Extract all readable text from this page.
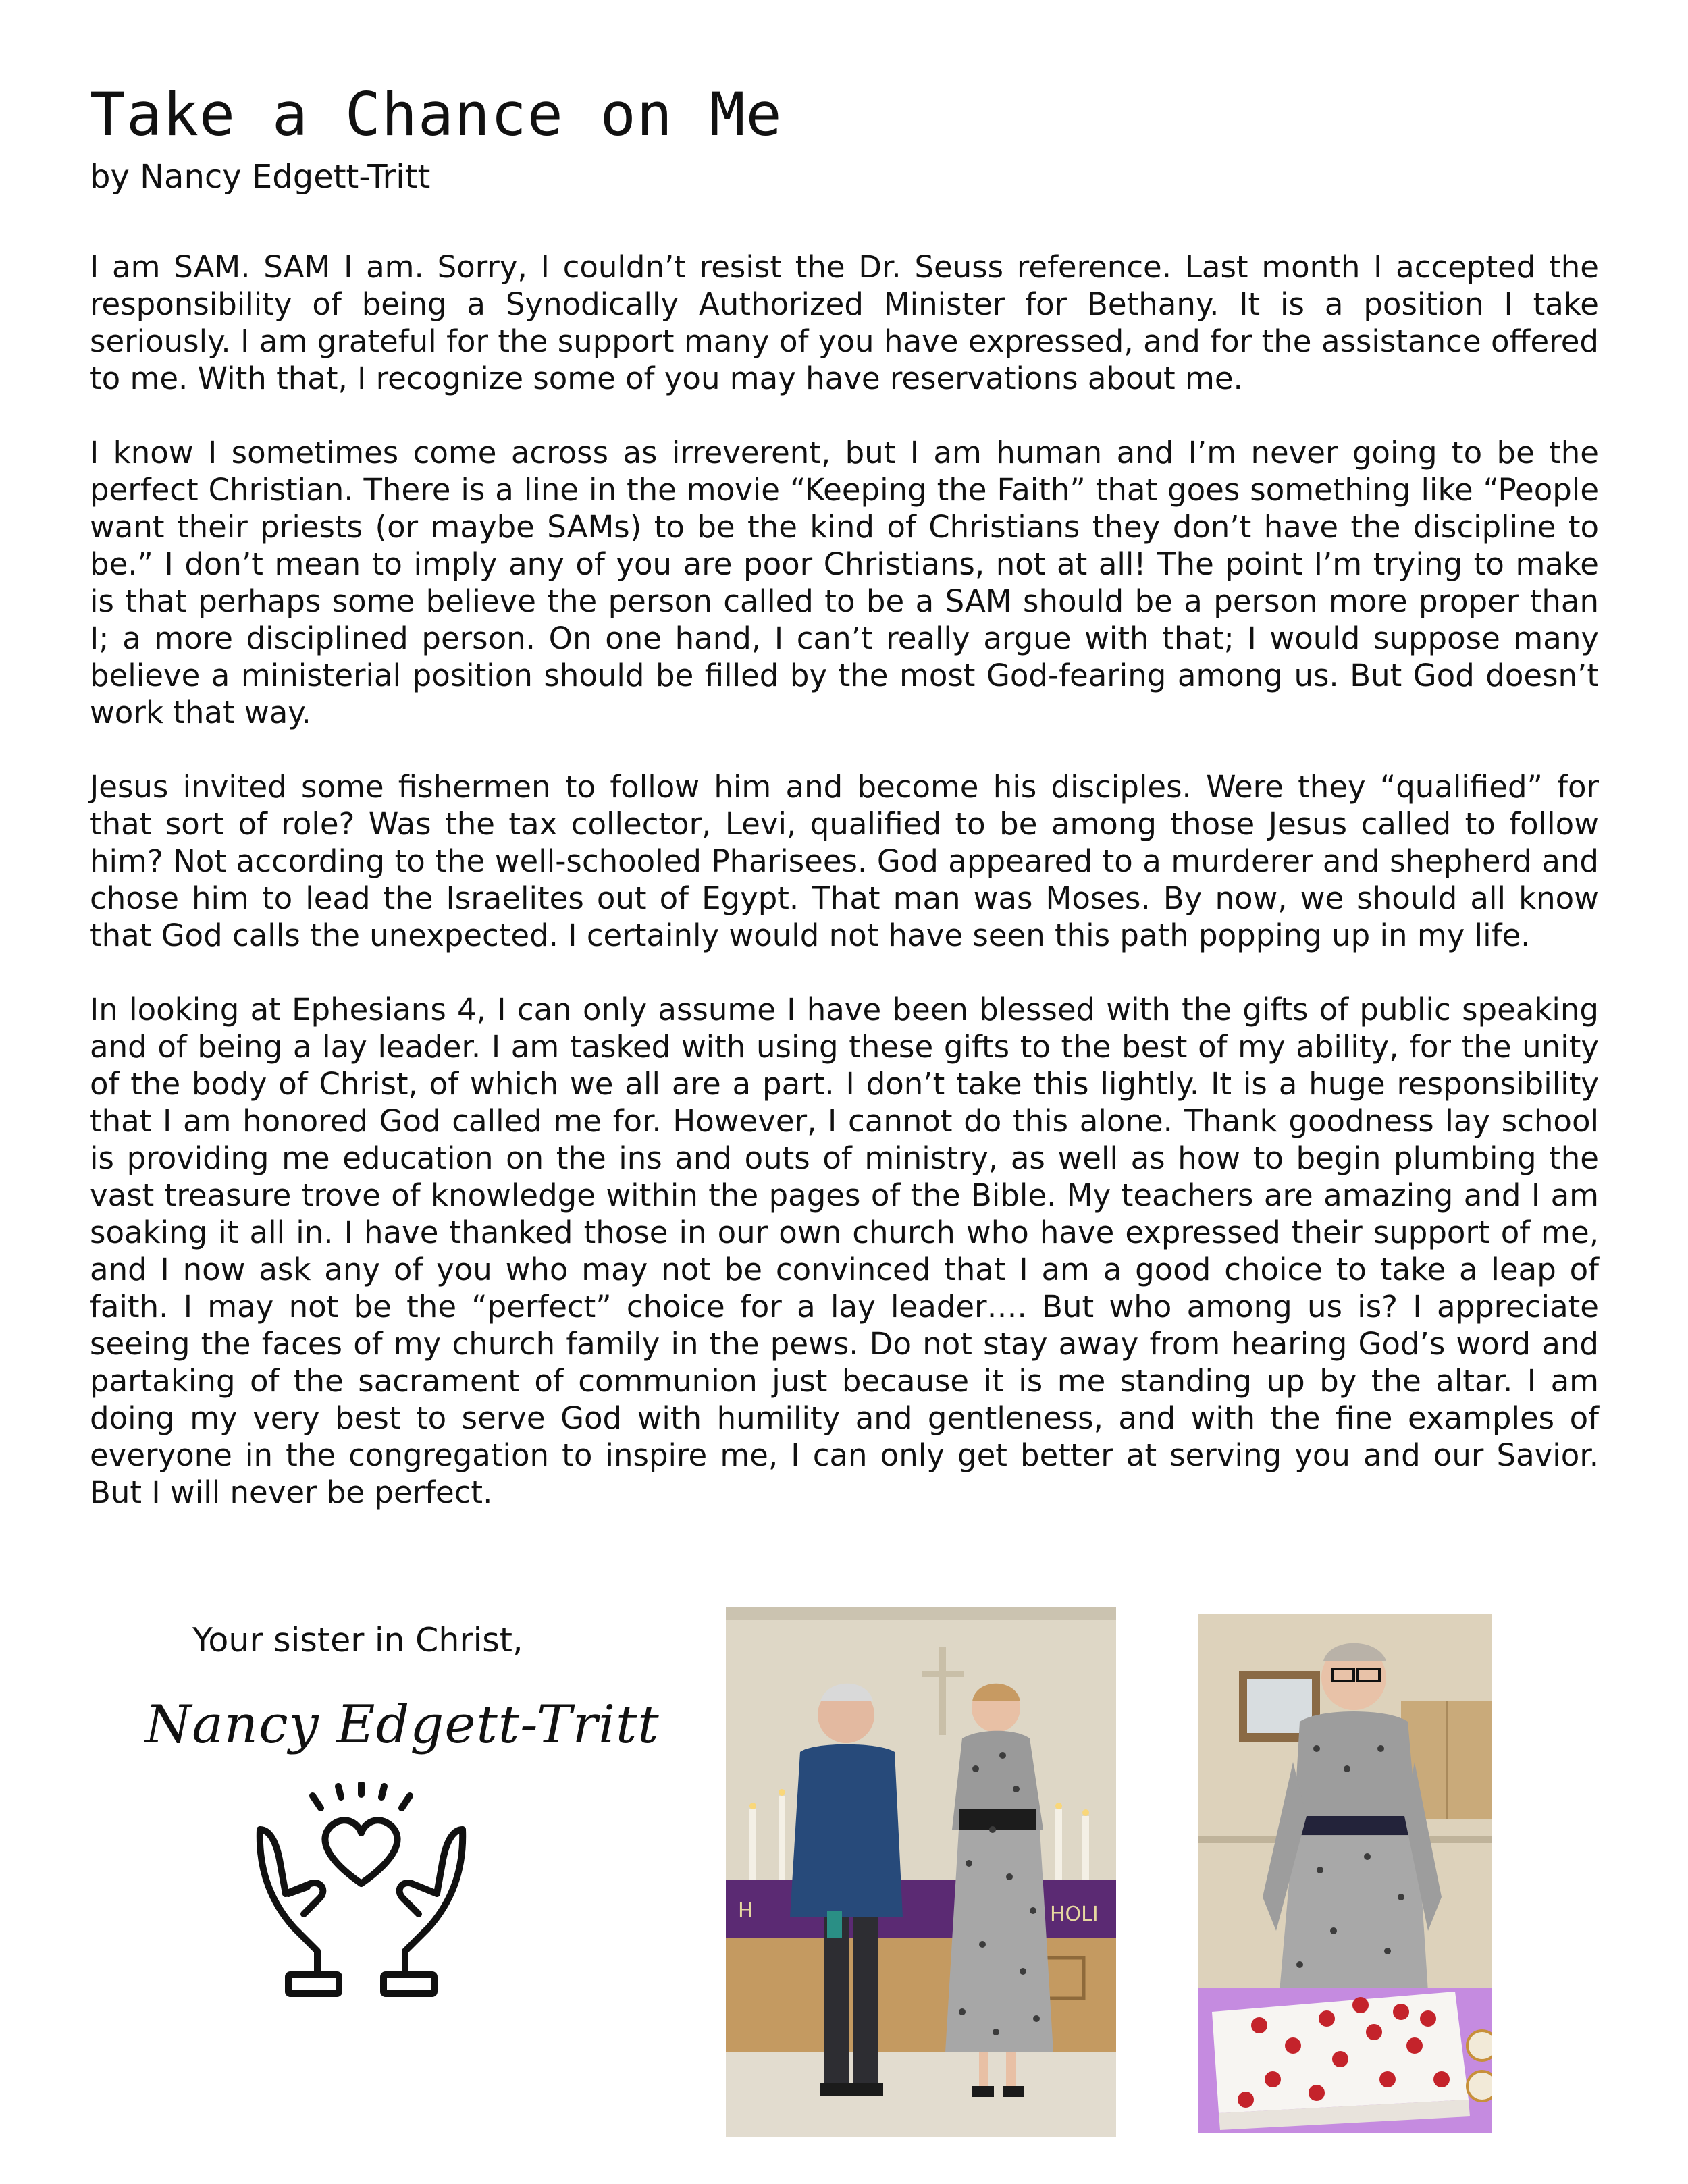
Take a Chance on Me

by Nancy Edgett-Tritt

I am SAM. SAM I am. Sorry, I couldn’t resist the Dr. Seuss reference. Last month I accepted the responsibility of being a Synodically Authorized Minister for Bethany. It is a position I take seriously. I am grateful for the support many of you have expressed, and for the assistance offered to me. With that, I recognize some of you may have reservations about me.

I know I sometimes come across as irreverent, but I am human and I’m never going to be the perfect Christian. There is a line in the movie “Keeping the Faith” that goes something like “People want their priests (or maybe SAMs) to be the kind of Christians they don’t have the discipline to be.” I don’t mean to imply any of you are poor Christians, not at all! The point I’m trying to make is that perhaps some believe the person called to be a SAM should be a person more proper than I; a more disciplined person. On one hand, I can’t really argue with that; I would suppose many believe a ministerial position should be filled by the most God-fearing among us. But God doesn’t work that way.

Jesus invited some fishermen to follow him and become his disciples. Were they “qualified” for that sort of role? Was the tax collector, Levi, qualified to be among those Jesus called to follow him? Not according to the well-schooled Pharisees. God appeared to a murderer and shepherd and chose him to lead the Israelites out of Egypt. That man was Moses. By now, we should all know that God calls the unexpected. I certainly would not have seen this path popping up in my life.

In looking at Ephesians 4, I can only assume I have been blessed with the gifts of public speaking and of being a lay leader. I am tasked with using these gifts to the best of my ability, for the unity of the body of Christ, of which we all are a part. I don’t take this lightly. It is a huge responsibility that I am honored God called me for. However, I cannot do this alone. Thank goodness lay school is providing me education on the ins and outs of ministry, as well as how to begin plumbing the vast treasure trove of knowledge within the pages of the Bible. My teachers are amazing and I am soaking it all in. I have thanked those in our own church who have expressed their support of me, and I now ask any of you who may not be convinced that I am a good choice to take a leap of faith. I may not be the “perfect” choice for a lay leader…. But who among us is? I appreciate seeing the faces of my church family in the pews. Do not stay away from hearing God’s word and partaking of the sacrament of communion just because it is me standing up by the altar. I am doing my very best to serve God with humility and gentleness, and with the fine examples of everyone in the congregation to inspire me, I can only get better at serving you and our Savior. But I will never be perfect.

Your sister in Christ,

Nancy Edgett-Tritt
H	HOLI
